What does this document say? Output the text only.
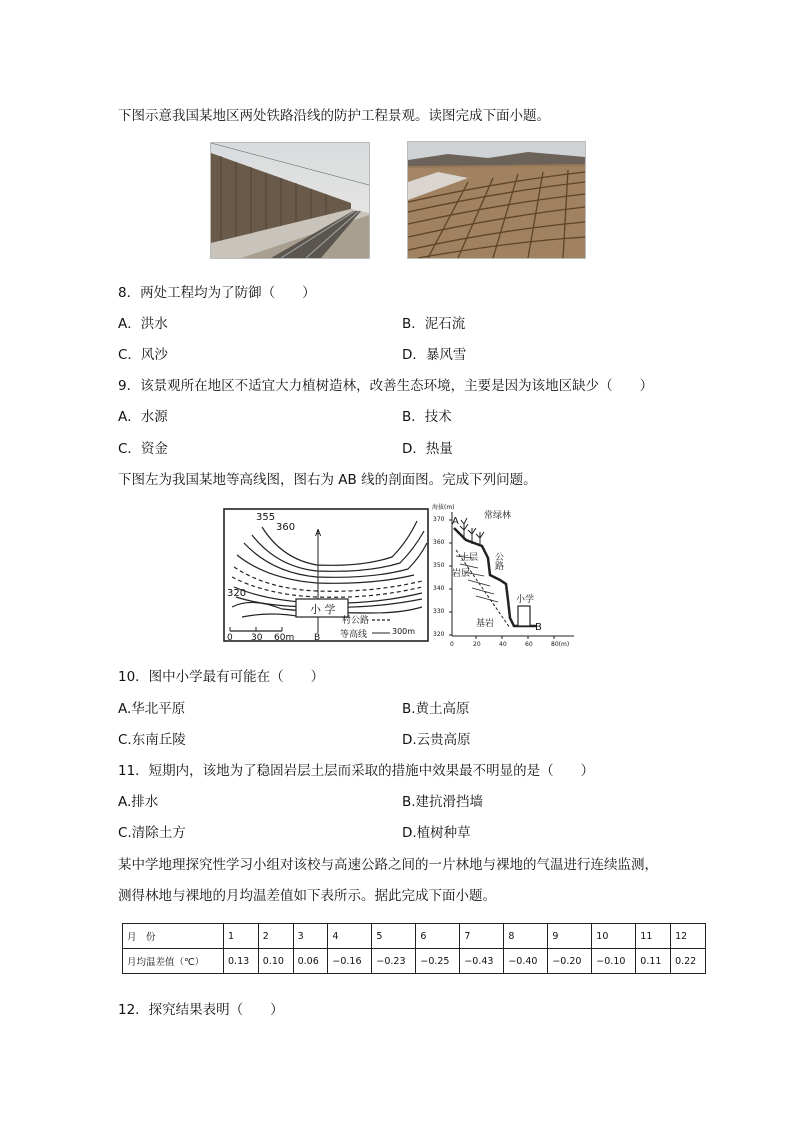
下图示意我国某地区两处铁路沿线的防护工程景观。读图完成下面小题。
8．两处工程均为了防御（　　）
A．洪水	B．泥石流
C．风沙	D．暴风雪
9．该景观所在地区不适宜大力植树造林，改善生态环境，主要是因为该地区缺少（　　）
A．水源	B．技术
C．资金	D．热量
下图左为我国某地等高线图，图右为 AB 线的剖面图。完成下列问题。
355
360
320
A
B
小 学
0 30 60m
村公路
等高线	300m
海拔(m)
370
360
350
340
330
320
0	20	40	60	80(m)
A	常绿林
土层
岩层
公路
小学
基岩	B
10．图中小学最有可能在（　　）
A.华北平原	B.黄土高原
C.东南丘陵	D.云贵高原
11．短期内，该地为了稳固岩层土层而采取的措施中效果最不明显的是（　　）
A.排水	B.建抗滑挡墙
C.清除土方	D.植树种草
某中学地理探究性学习小组对该校与高速公路之间的一片林地与裸地的气温进行连续监测，
测得林地与裸地的月均温差值如下表所示。据此完成下面小题。
月　份	1	2	3	4	5	6	7	8	9	10	11	12
月均温差值（℃）	0.13	0.10	0.06	−0.16	−0.23	−0.25	−0.43	−0.40	−0.20	−0.10	0.11	0.22
12．探究结果表明（　　）
